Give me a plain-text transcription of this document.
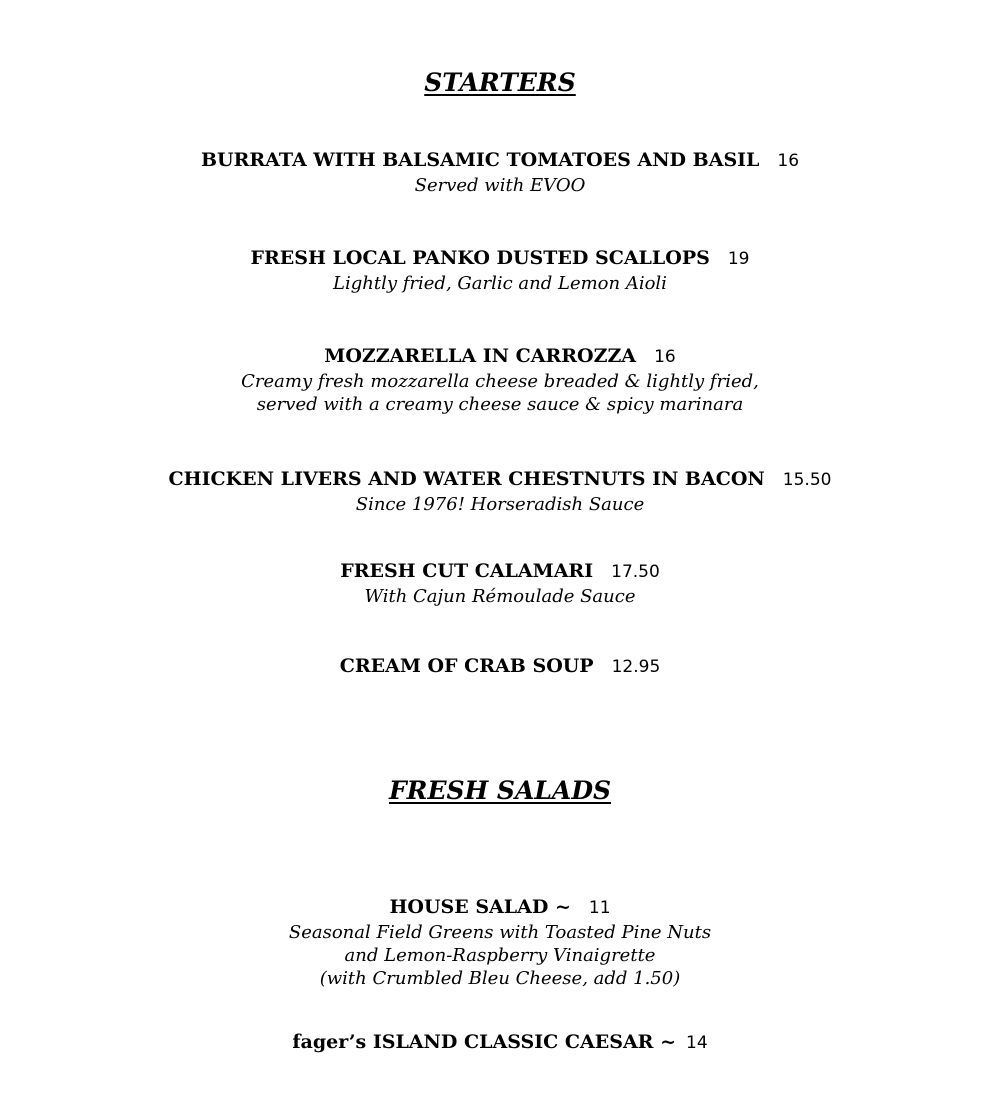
STARTERS
BURRATA WITH BALSAMIC TOMATOES AND BASIL 16
Served with EVOO
FRESH LOCAL PANKO DUSTED SCALLOPS 19
Lightly fried, Garlic and Lemon Aioli
MOZZARELLA IN CARROZZA 16
Creamy fresh mozzarella cheese breaded & lightly fried,
served with a creamy cheese sauce & spicy marinara
CHICKEN LIVERS AND WATER CHESTNUTS IN BACON 15.50
Since 1976! Horseradish Sauce
FRESH CUT CALAMARI 17.50
With Cajun Rémoulade Sauce
CREAM OF CRAB SOUP 12.95
FRESH SALADS
HOUSE SALAD ~ 11
Seasonal Field Greens with Toasted Pine Nuts
and Lemon-Raspberry Vinaigrette
(with Crumbled Bleu Cheese, add 1.50)
fager’s ISLAND CLASSIC CAESAR ~ 14
